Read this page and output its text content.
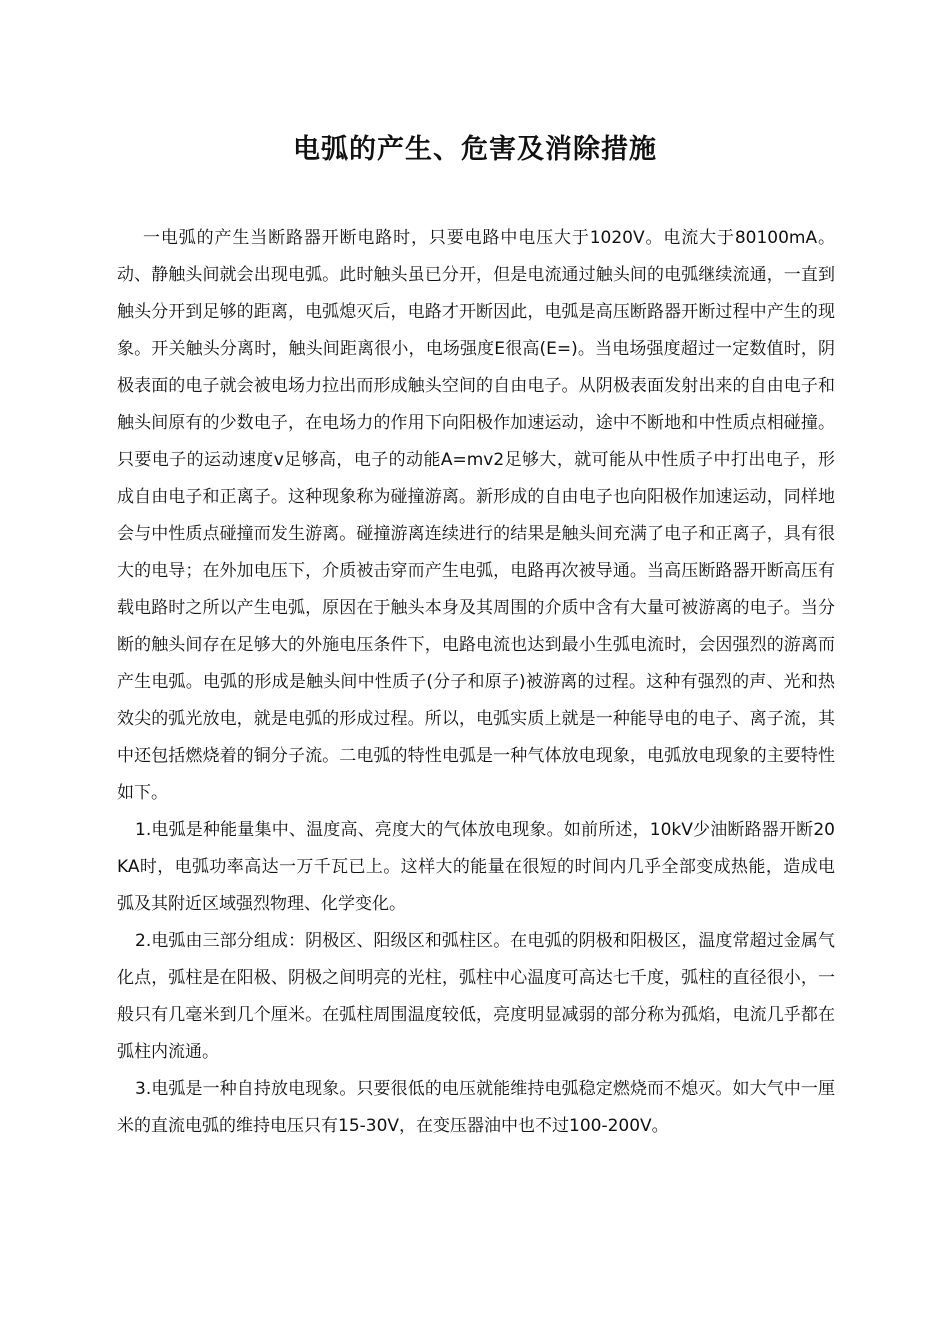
电弧的产生、危害及消除措施

一电弧的产生当断路器开断电路时，只要电路中电压大于1020V。电流大于80100mA。动、静触头间就会出现电弧。此时触头虽已分开，但是电流通过触头间的电弧继续流通，一直到触头分开到足够的距离，电弧熄灭后，电路才开断因此，电弧是高压断路器开断过程中产生的现象。开关触头分离时，触头间距离很小，电场强度E很高(E=)。当电场强度超过一定数值时，阴极表面的电子就会被电场力拉出而形成触头空间的自由电子。从阴极表面发射出来的自由电子和触头间原有的少数电子，在电场力的作用下向阳极作加速运动，途中不断地和中性质点相碰撞。只要电子的运动速度v足够高，电子的动能A=mv2足够大，就可能从中性质子中打出电子，形成自由电子和正离子。这种现象称为碰撞游离。新形成的自由电子也向阳极作加速运动，同样地会与中性质点碰撞而发生游离。碰撞游离连续进行的结果是触头间充满了电子和正离子，具有很大的电导；在外加电压下，介质被击穿而产生电弧，电路再次被导通。当高压断路器开断高压有载电路时之所以产生电弧，原因在于触头本身及其周围的介质中含有大量可被游离的电子。当分断的触头间存在足够大的外施电压条件下，电路电流也达到最小生弧电流时，会因强烈的游离而产生电弧。电弧的形成是触头间中性质子(分子和原子)被游离的过程。这种有强烈的声、光和热效尖的弧光放电，就是电弧的形成过程。所以，电弧实质上就是一种能导电的电子、离子流，其中还包括燃烧着的铜分子流。二电弧的特性电弧是一种气体放电现象，电弧放电现象的主要特性如下。

1.电弧是种能量集中、温度高、亮度大的气体放电现象。如前所述，10kV少油断路器开断20KA时，电弧功率高达一万千瓦已上。这样大的能量在很短的时间内几乎全部变成热能，造成电弧及其附近区域强烈物理、化学变化。

2.电弧由三部分组成：阴极区、阳级区和弧柱区。在电弧的阴极和阳极区，温度常超过金属气化点，弧柱是在阳极、阴极之间明亮的光柱，弧柱中心温度可高达七千度，弧柱的直径很小，一般只有几毫米到几个厘米。在弧柱周围温度较低，亮度明显减弱的部分称为孤焰，电流几乎都在弧柱内流通。

3.电弧是一种自持放电现象。只要很低的电压就能维持电弧稳定燃烧而不熄灭。如大气中一厘米的直流电弧的维持电压只有15-30V，在变压器油中也不过100-200V。
